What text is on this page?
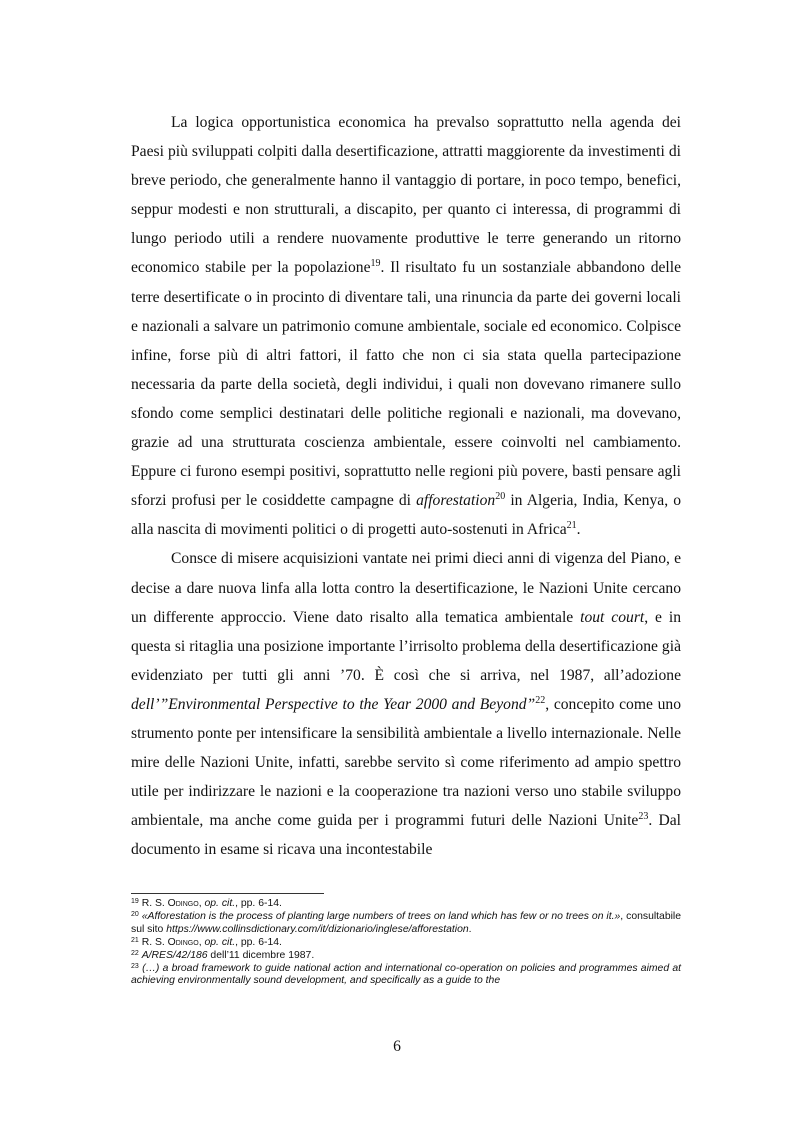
La logica opportunistica economica ha prevalso soprattutto nella agenda dei Paesi più sviluppati colpiti dalla desertificazione, attratti maggiorente da investimenti di breve periodo, che generalmente hanno il vantaggio di portare, in poco tempo, benefici, seppur modesti e non strutturali, a discapito, per quanto ci interessa, di programmi di lungo periodo utili a rendere nuovamente produttive le terre generando un ritorno economico stabile per la popolazione$^{19}$. Il risultato fu un sostanziale abbandono delle terre desertificate o in procinto di diventare tali, una rinuncia da parte dei governi locali e nazionali a salvare un patrimonio comune ambientale, sociale ed economico. Colpisce infine, forse più di altri fattori, il fatto che non ci sia stata quella partecipazione necessaria da parte della società, degli individui, i quali non dovevano rimanere sullo sfondo come semplici destinatari delle politiche regionali e nazionali, ma dovevano, grazie ad una strutturata coscienza ambientale, essere coinvolti nel cambiamento. Eppure ci furono esempi positivi, soprattutto nelle regioni più povere, basti pensare agli sforzi profusi per le cosiddette campagne di afforestation$^{20}$ in Algeria, India, Kenya, o alla nascita di movimenti politici o di progetti auto-sostenuti in Africa$^{21}$.

Consce di misere acquisizioni vantate nei primi dieci anni di vigenza del Piano, e decise a dare nuova linfa alla lotta contro la desertificazione, le Nazioni Unite cercano un differente approccio. Viene dato risalto alla tematica ambientale tout court, e in questa si ritaglia una posizione importante l’irrisolto problema della desertificazione già evidenziato per tutti gli anni ’70. È così che si arriva, nel 1987, all’adozione dell’”Environmental Perspective to the Year 2000 and Beyond”$^{22}$, concepito come uno strumento ponte per intensificare la sensibilità ambientale a livello internazionale. Nelle mire delle Nazioni Unite, infatti, sarebbe servito sì come riferimento ad ampio spettro utile per indirizzare le nazioni e la cooperazione tra nazioni verso uno stabile sviluppo ambientale, ma anche come guida per i programmi futuri delle Nazioni Unite$^{23}$. Dal documento in esame si ricava una incontestabile

$^{19}$ R. S. Odingo, op. cit., pp. 6-14.

$^{20}$ «Afforestation is the process of planting large numbers of trees on land which has few or no trees on it.», consultabile sul sito https://www.collinsdictionary.com/it/dizionario/inglese/afforestation.

$^{21}$ R. S. Odingo, op. cit., pp. 6-14.

$^{22}$ A/RES/42/186 dell’11 dicembre 1987.

$^{23}$ (…) a broad framework to guide national action and international co-operation on policies and programmes aimed at achieving environmentally sound development, and specifically as a guide to the

6
